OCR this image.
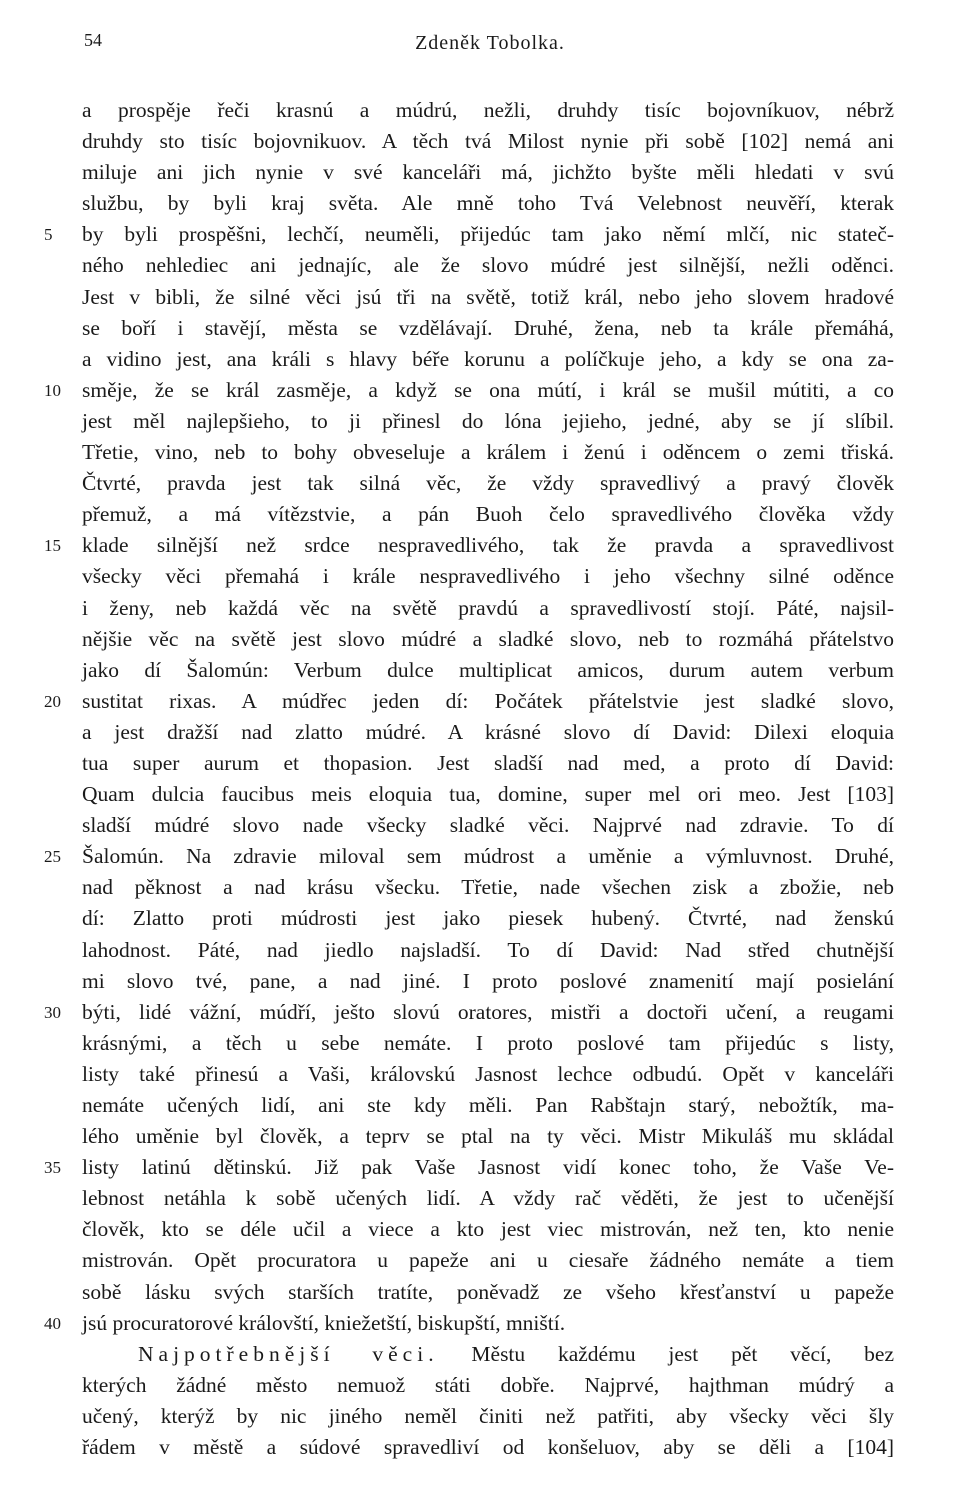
54	Zdeněk Tobolka.
a prospěje řeči krasnú a múdrú, nežli, druhdy tisíc bojovníkuov, nébrž
druhdy sto tisíc bojovnikuov. A těch tvá Milost nynie při sobě [102] nemá ani
miluje ani jich nynie v své kanceláři má, jichžto byšte měli hledati v svú
službu, by byli kraj světa. Ale mně toho Tvá Velebnost neuvěří, kterak
5	by byli prospěšni, lechčí, neuměli, přijedúc tam jako němí mlčí, nic stateč-
ného nehlediec ani jednajíc, ale že slovo múdré jest silnější, nežli oděnci.
Jest v bibli, že silné věci jsú tři na světě, totiž král, nebo jeho slovem hradové
se boří i stavějí, města se vzdělávají. Druhé, žena, neb ta krále přemáhá,
a vidino jest, ana králi s hlavy béře korunu a políčkuje jeho, a kdy se ona za-
10 směje, že se král zasměje, a když se ona mútí, i král se mušil mútiti, a co
jest měl najlepšieho, to ji přinesl do lóna jejieho, jedné, aby se jí slíbil.
Třetie, vino, neb to bohy obveseluje a králem i ženú i oděncem o zemi třiská.
Čtvrté, pravda jest tak silná věc, že vždy spravedlivý a pravý člověk
přemuž, a má vítězstvie, a pán Buoh čelo spravedlivého člověka vždy
15 klade silnější než srdce nespravedlivého, tak že pravda a spravedlivost
všecky věci přemahá i krále nespravedlivého i jeho všechny silné oděnce
i ženy, neb každá věc na světě pravdú a spravedlivostí stojí. Páté, najsil-
nějšie věc na světě jest slovo múdré a sladké slovo, neb to rozmáhá přátelstvo
jako dí Šalomún: Verbum dulce multiplicat amicos, durum autem verbum
20 sustitat rixas. A múdřec jeden dí: Počátek přátelstvie jest sladké slovo,
a jest dražší nad zlatto múdré. A krásné slovo dí David: Dilexi eloquia
tua super aurum et thopasion. Jest sladší nad med, a proto dí David:
Quam dulcia faucibus meis eloquia tua, domine, super mel ori meo. Jest [103]
sladší múdré slovo nade všecky sladké věci. Najprvé nad zdravie. To dí
25 Šalomún. Na zdravie miloval sem múdrost a uměnie a výmluvnost. Druhé,
nad pěknost a nad krásu všecku. Třetie, nade všechen zisk a zbožie, neb
dí: Zlatto proti múdrosti jest jako piesek hubený. Čtvrté, nad ženskú
lahodnost. Páté, nad jiedlo najsladší. To dí David: Nad střed chutnější
mi slovo tvé, pane, a nad jiné. I proto poslové znamenití mají posielání
30 býti, lidé vážní, múdří, ješto slovú oratores, mistři a doctoři učení, a reugami
krásnými, a těch u sebe nemáte. I proto poslové tam přijedúc s listy,
listy také přinesú a Vaši, královskú Jasnost lechce odbudú. Opět v kanceláři
nemáte učených lidí, ani ste kdy měli. Pan Rabštajn starý, nebožtík, ma-
lého uměnie byl člověk, a teprv se ptal na ty věci. Mistr Mikuláš mu skládal
35 listy latinú dětinskú. Již pak Vaše Jasnost vidí konec toho, že Vaše Ve-
lebnost netáhla k sobě učených lidí. A vždy rač věděti, že jest to učenější
člověk, kto se déle učil a viece a kto jest viec mistrován, než ten, kto nenie
mistrován. Opět procuratora u papeže ani u ciesaře žádného nemáte a tiem
sobě lásku svých starších tratíte, poněvadž ze všeho křesťanství u papeže
40 jsú procuratorové královští, kniežetští, biskupští, mniští.
Najpotřebnější věci. Městu každému jest pět věcí, bez
kterých žádné město nemuož státi dobře. Najprvé, hajthman múdrý a
učený, kterýž by nic jiného neměl činiti než patřiti, aby všecky věci šly
řádem v městě a súdové spravedliví od konšeluov, aby se děli a [104]
